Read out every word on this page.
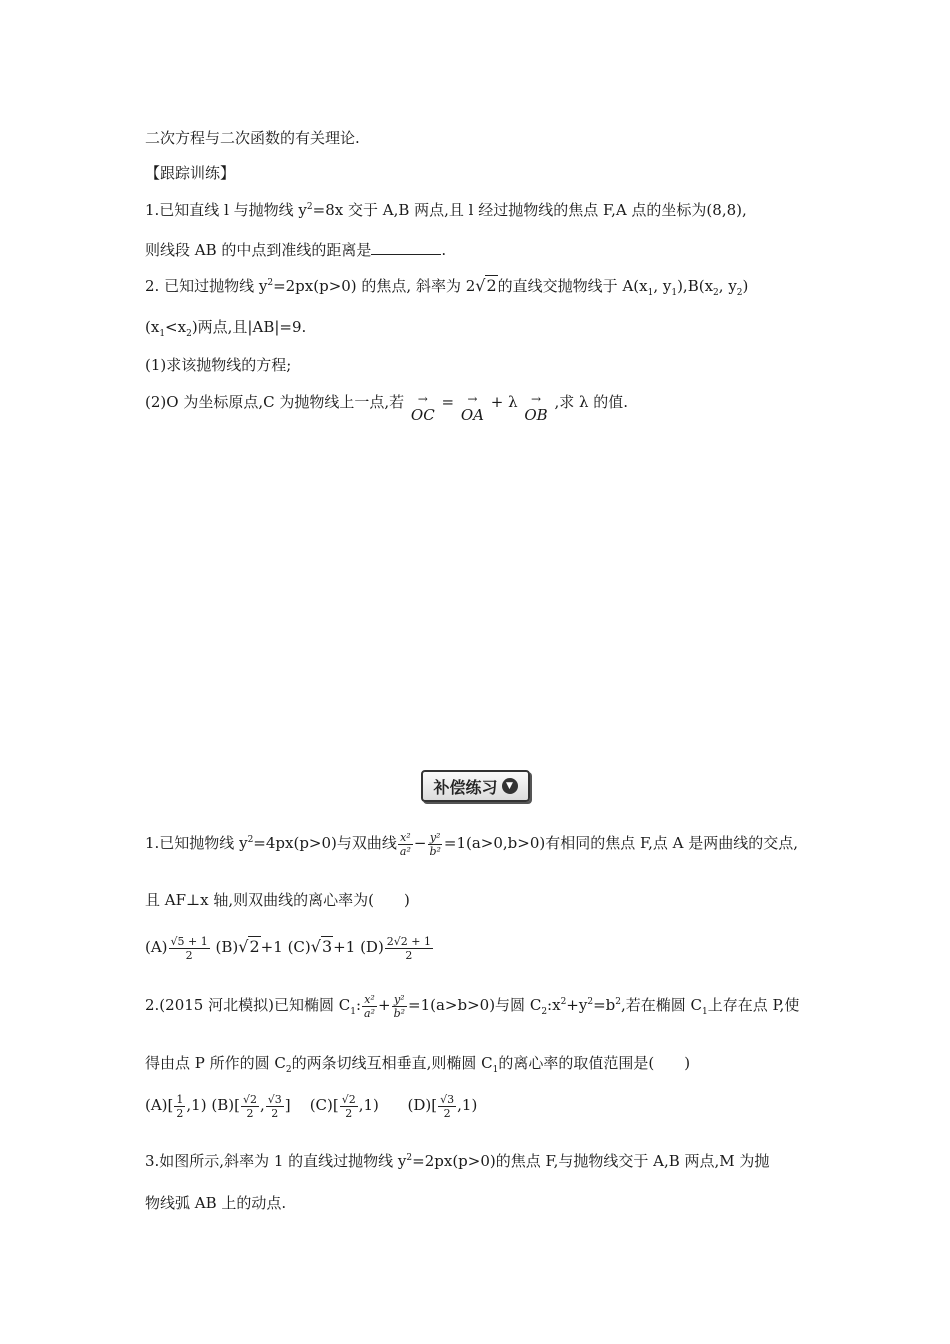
二次方程与二次函数的有关理论.
【跟踪训练】
1.已知直线 l 与抛物线 $y^2=8x$ 交于 A,B 两点,且 l 经过抛物线的焦点 F,A 点的坐标为(8,8),
则线段 AB 的中点到准线的距离是	.
2. 已知过抛物线 $y^2=2px(p>0)$ 的焦点, 斜率为 2√2的直线交抛物线于 $A(x_1$, $y_1),B(x_2$, $y_2$)
$(x_1<x_2)$两点,且|AB|=9.
(1)求该抛物线的方程;
(2)O 为坐标原点,C 为抛物线上一点,若 →
OC
= →
OA
+ λ →
OB
,求 λ 的值.
补偿练习 ▼
1.已知抛物线 $y^2=4px(p>0)$与双曲线 $\frac{\text{x²}}{\text{a²}} - \frac{\text{y²}}{\text{b²}} =1(a>0,b>0)$有相同的焦点 F,点 A 是两曲线的交点,
且 AF⊥x 轴,则双曲线的离心率为(　　)
$(A) \frac{√5 + 1}{2} (B)√2+1$ (C)√3+1 $(D) \frac{2√2 + 1}{2}$
2.(2015 河北模拟)已知椭圆 $C_1$: $\frac{\text{x²}}{\text{a²}} + \frac{\text{y²}}{\text{b²}} =1(a>b>0)$与圆 $C_2:x^2+y^2=b^2$,若在椭圆 $C_1$上存在点 P,使
得由点 P 所作的圆 $C_2$的两条切线互相垂直,则椭圆 $C_1$的离心率的取值范围是(　　)
$(A)[ \frac{1}{2} ,1)$ $(B)[ \frac{√2}{2}$ , $\frac{√3}{2}$ ] $(C)[ \frac{√2}{2} ,1)$ $(D)[ \frac{√3}{2} ,1)$
3.如图所示,斜率为 1 的直线过抛物线 $y^2=2px(p>0)$的焦点 F,与抛物线交于 A,B 两点,M 为抛
物线弧 AB 上的动点.
